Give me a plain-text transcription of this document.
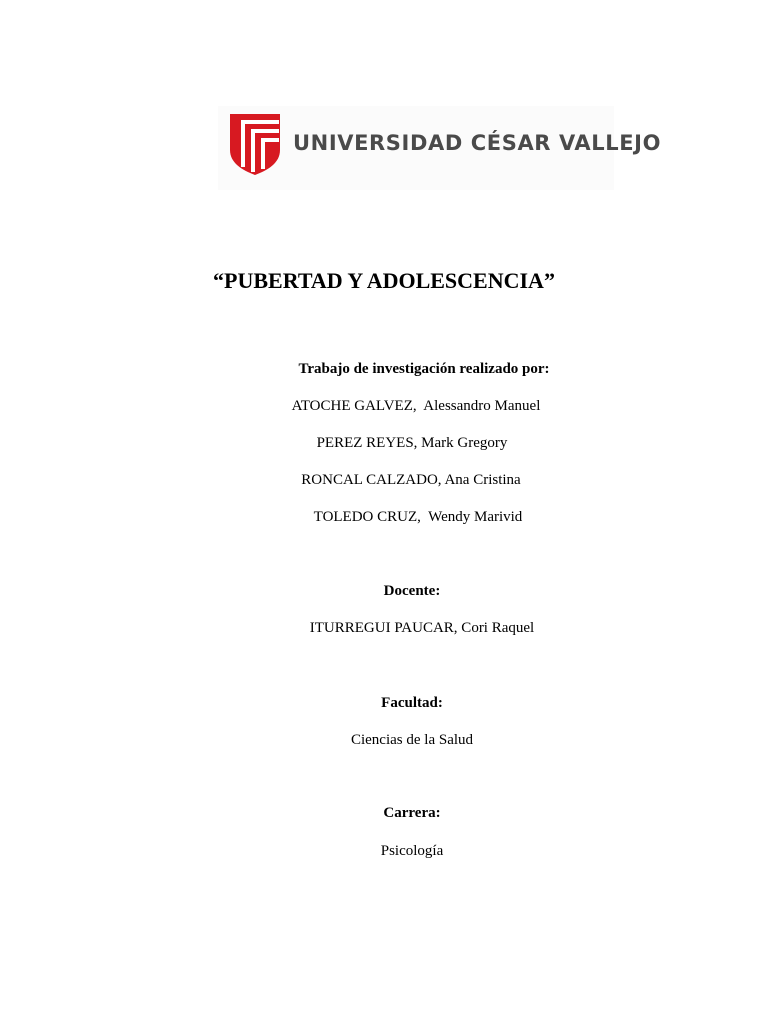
UNIVERSIDAD CÉSAR VALLEJO
“PUBERTAD Y ADOLESCENCIA”
Trabajo de investigación realizado por:
ATOCHE GALVEZ,  Alessandro Manuel
PEREZ REYES, Mark Gregory
RONCAL CALZADO, Ana Cristina
TOLEDO CRUZ,  Wendy Marivid
Docente:
ITURREGUI PAUCAR, Cori Raquel
Facultad:
Ciencias de la Salud
Carrera:
Psicología
